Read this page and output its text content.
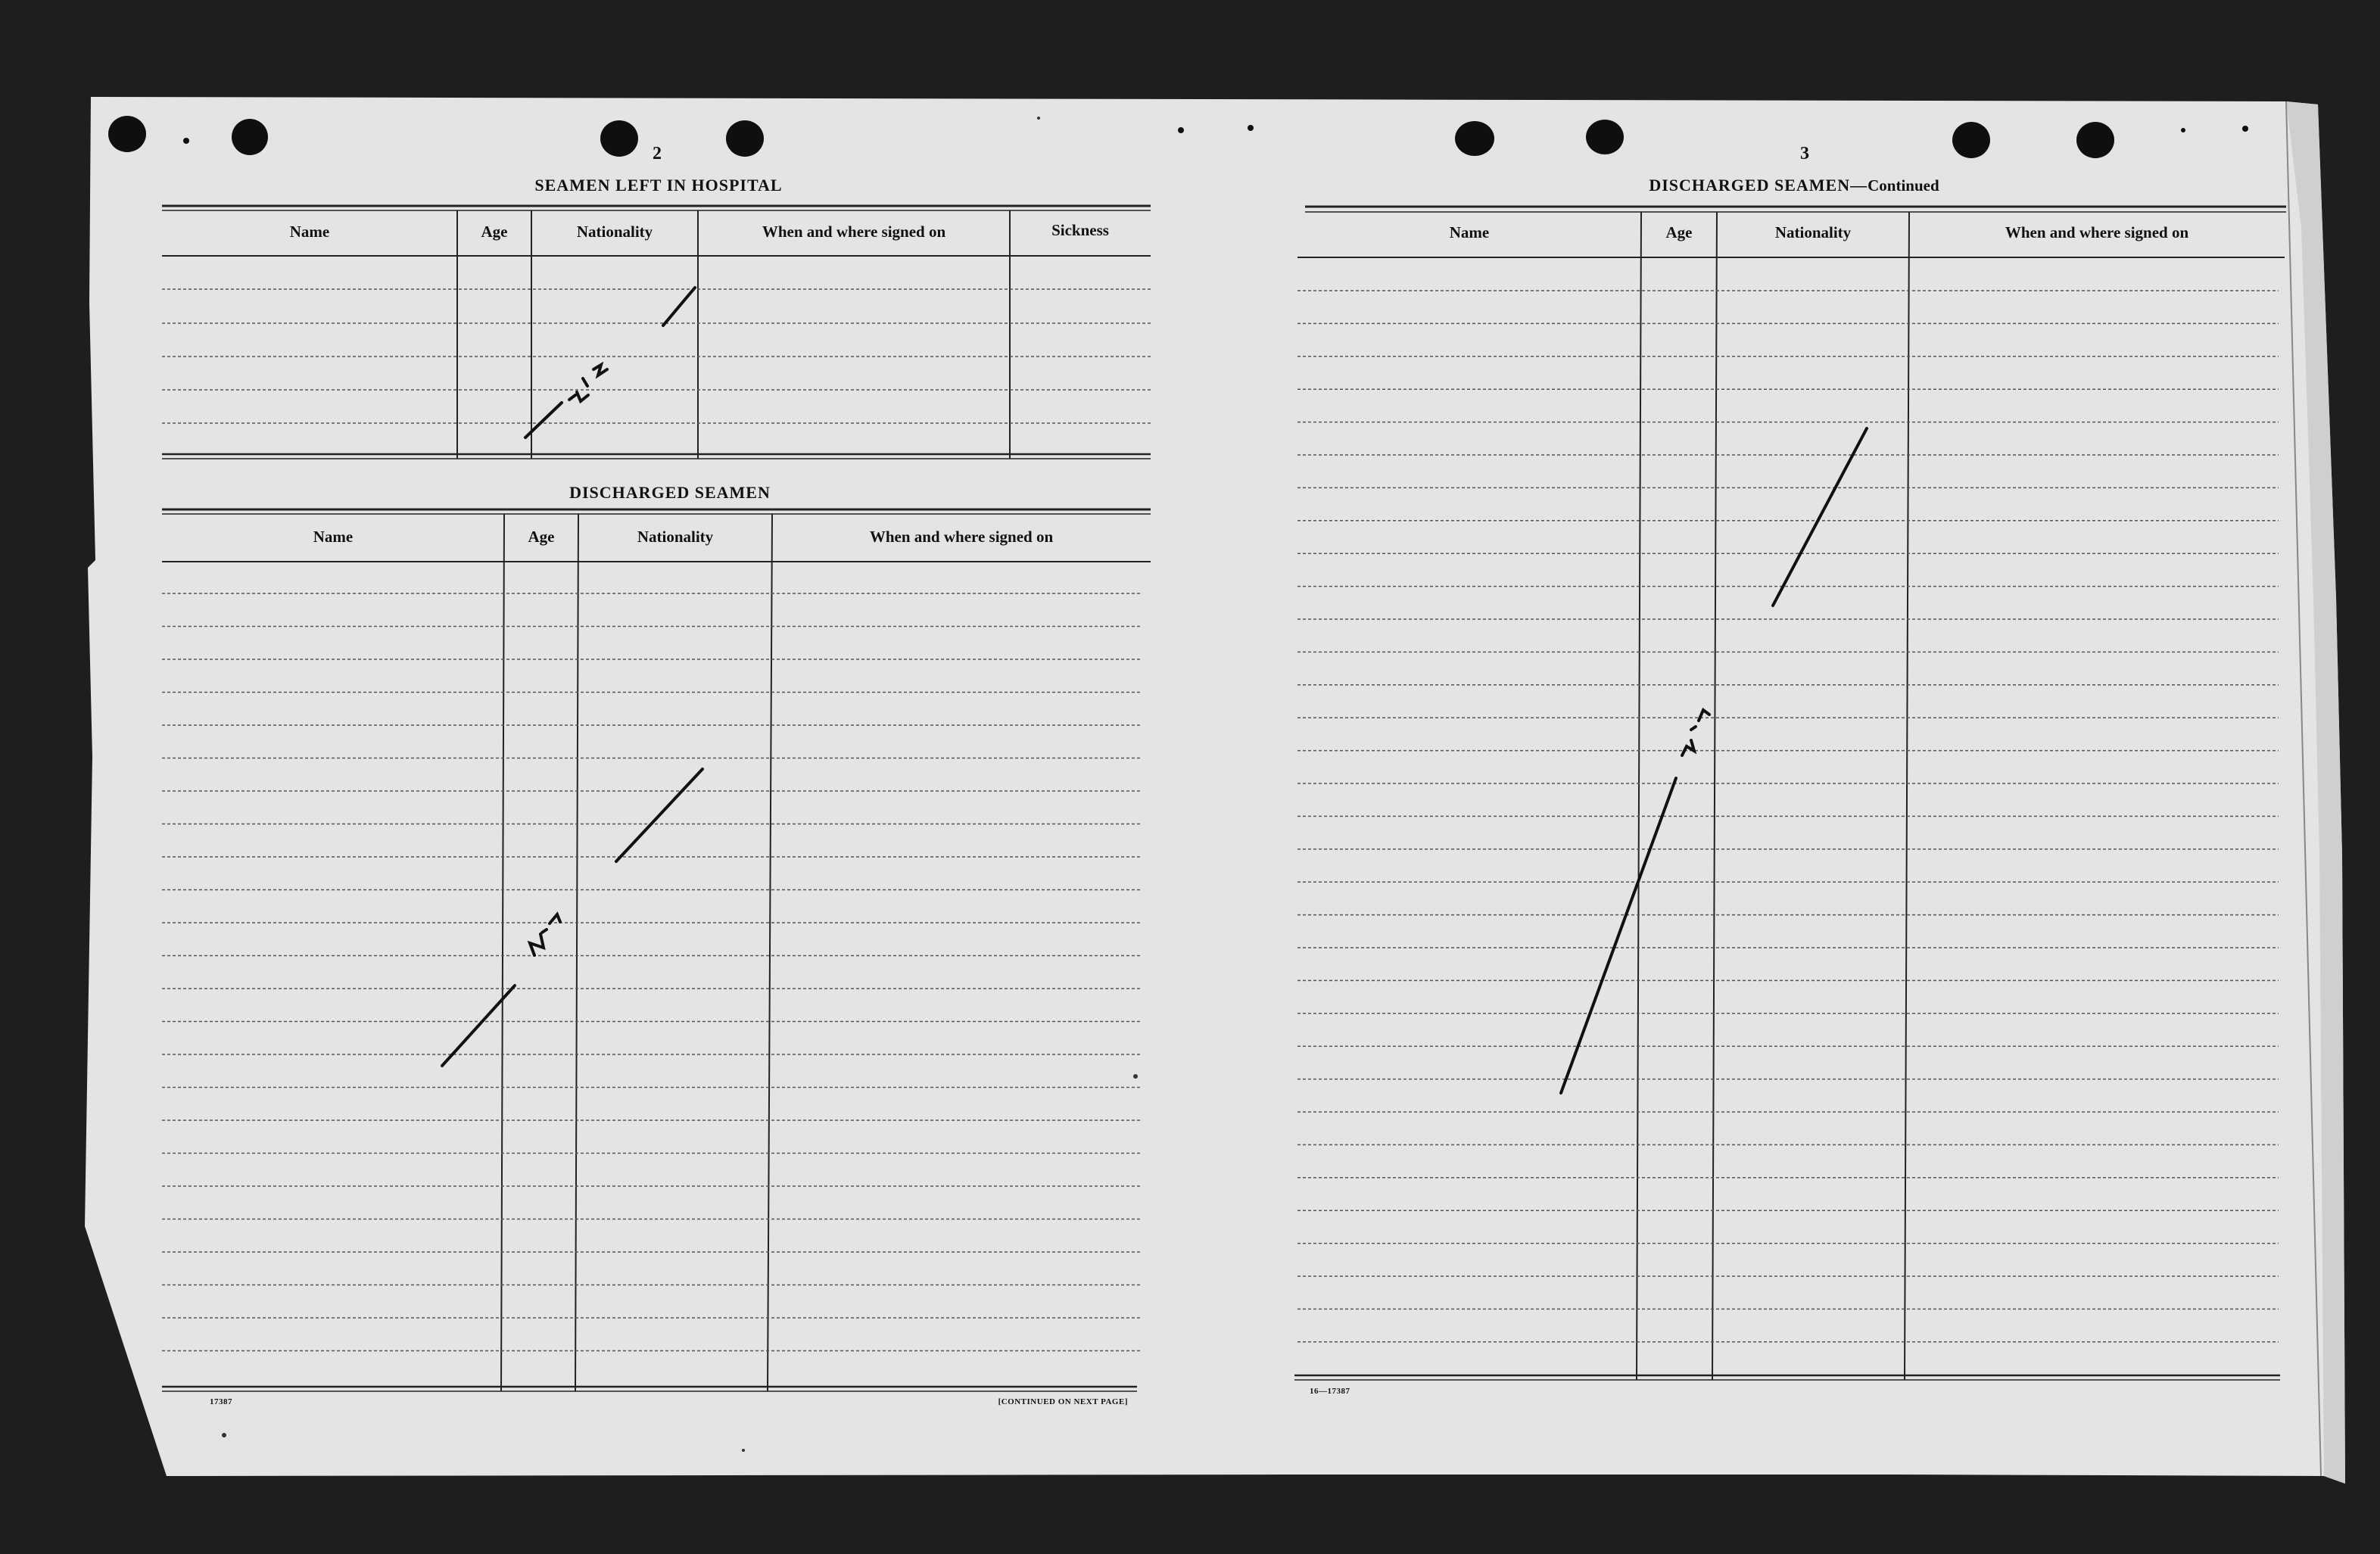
2
SEAMEN LEFT IN HOSPITAL
Name	Age	Nationality	When and where signed on	Sickness
DISCHARGED SEAMEN
Name	Age	Nationality	When and where signed on
17387	[CONTINUED ON NEXT PAGE]
3
DISCHARGED SEAMEN—Continued
Name	Age	Nationality	When and where signed on
16—17387
